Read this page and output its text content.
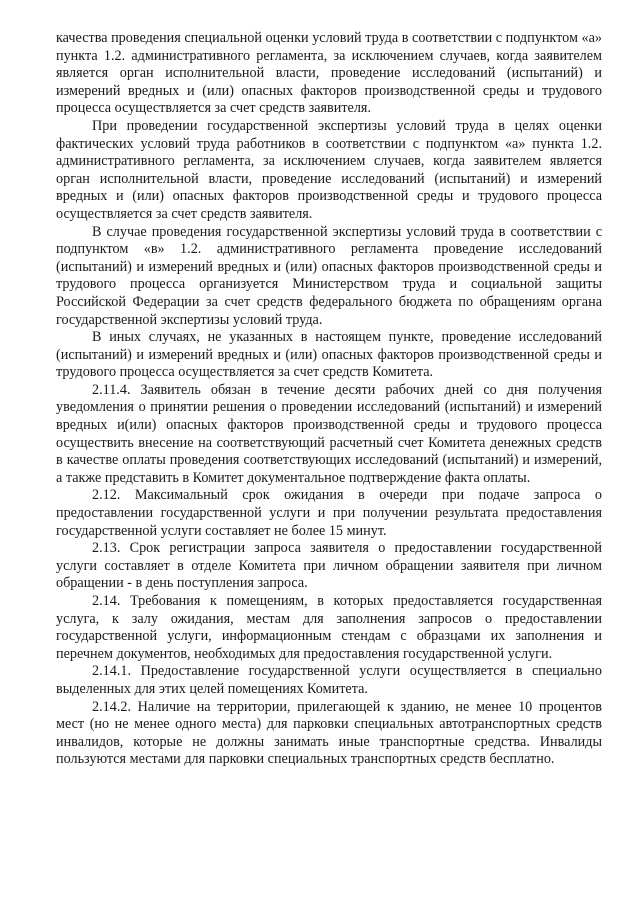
качества проведения специальной оценки условий труда в соответствии с подпунктом «а» пункта 1.2. административного регламента, за исключением случаев, когда заявителем является орган исполнительной власти, проведение исследований (испытаний) и измерений вредных и (или) опасных факторов производственной среды и трудового процесса осуществляется за счет средств заявителя.

При проведении государственной экспертизы условий труда в целях оценки фактических условий труда работников в соответствии с подпунктом «а» пункта 1.2. административного регламента, за исключением случаев, когда заявителем является орган исполнительной власти, проведение исследований (испытаний) и измерений вредных и (или) опасных факторов производственной среды и трудового процесса осуществляется за счет средств заявителя.

В случае проведения государственной экспертизы условий труда в соответствии с подпунктом «в» 1.2. административного регламента проведение исследований (испытаний) и измерений вредных и (или) опасных факторов производственной среды и трудового процесса организуется Министерством труда и социальной защиты Российской Федерации за счет средств федерального бюджета по обращениям органа государственной экспертизы условий труда.

В иных случаях, не указанных в настоящем пункте, проведение исследований (испытаний) и измерений вредных и (или) опасных факторов производственной среды и трудового процесса осуществляется за счет средств Комитета.

2.11.4. Заявитель обязан в течение десяти рабочих дней со дня получения уведомления о принятии решения о проведении исследований (испытаний) и измерений вредных и(или) опасных факторов производственной среды и трудового процесса осуществить внесение на соответствующий расчетный счет Комитета денежных средств в качестве оплаты проведения соответствующих исследований (испытаний) и измерений, а также представить в Комитет документальное подтверждение факта оплаты.

2.12. Максимальный срок ожидания в очереди при подаче запроса о предоставлении государственной услуги и при получении результата предоставления государственной услуги составляет не более 15 минут.

2.13. Срок регистрации запроса заявителя о предоставлении государственной услуги составляет в отделе Комитета при личном обращении заявителя при личном обращении - в день поступления запроса.

2.14. Требования к помещениям, в которых предоставляется государственная услуга, к залу ожидания, местам для заполнения запросов о предоставлении государственной услуги, информационным стендам с образцами их заполнения и перечнем документов, необходимых для предоставления государственной услуги.

2.14.1. Предоставление государственной услуги осуществляется в специально выделенных для этих целей помещениях Комитета.

2.14.2. Наличие на территории, прилегающей к зданию, не менее 10 процентов мест (но не менее одного места) для парковки специальных автотранспортных средств инвалидов, которые не должны занимать иные транспортные средства. Инвалиды пользуются местами для парковки специальных транспортных средств бесплатно.
